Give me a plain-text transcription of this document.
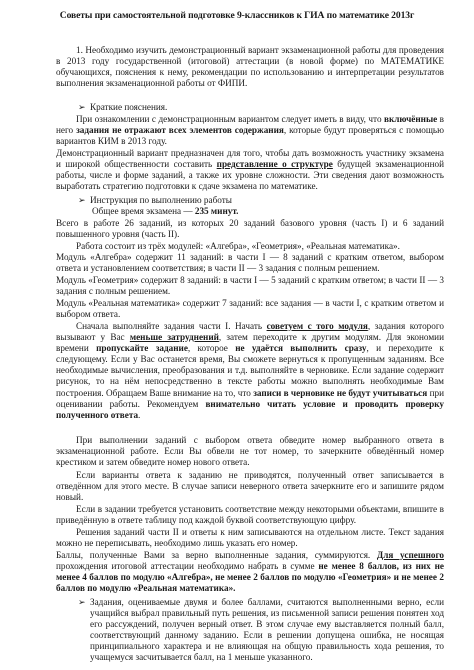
Советы при самостоятельной подготовке 9-классников к ГИА по математике 2013г

1. Необходимо изучить демонстрационный вариант экзаменационной работы для проведения в 2013 году государственной (итоговой) аттестации (в новой форме) по МАТЕМАТИКЕ обучающихся, пояснения к нему, рекомендации по использованию и интерпретации результатов выполнения экзаменационной работы от ФИПИ.

➢ Краткие пояснения.

При ознакомлении с демонстрационным вариантом следует иметь в виду, что включённые в него задания не отражают всех элементов содержания, которые будут проверяться с помощью вариантов КИМ в 2013 году.

Демонстрационный вариант предназначен для того, чтобы дать возможность участнику экзамена и широкой общественности составить представление о структуре будущей экзаменационной работы, числе и форме заданий, а также их уровне сложности. Эти сведения дают возможность выработать стратегию подготовки к сдаче экзамена по математике.

➢ Инструкция по выполнению работы

Общее время экзамена — 235 минут.

Всего в работе 26 заданий, из которых 20 заданий базового уровня (часть I) и 6 заданий повышенного уровня (часть II).

Работа состоит из трёх модулей: «Алгебра», «Геометрия», «Реальная математика».

Модуль «Алгебра» содержит 11 заданий: в части I — 8 заданий с кратким ответом, выбором ответа и установлением соответствия; в части II — 3 задания с полным решением.

Модуль «Геометрия» содержит 8 заданий: в части I — 5 заданий с кратким ответом; в части II — 3 задания с полным решением.

Модуль «Реальная математика» содержит 7 заданий: все задания — в части I, с кратким ответом и выбором ответа.

Сначала выполняйте задания части I. Начать советуем с того модуля, задания которого вызывают у Вас меньше затруднений, затем переходите к другим модулям. Для экономии времени пропускайте задание, которое не удаётся выполнить сразу, и переходите к следующему. Если у Вас останется время, Вы сможете вернуться к пропущенным заданиям. Все необходимые вычисления, преобразования и т.д. выполняйте в черновике. Если задание содержит рисунок, то на нём непосредственно в тексте работы можно выполнять необходимые Вам построения. Обращаем Ваше внимание на то, что записи в черновике не будут учитываться при оценивании работы. Рекомендуем внимательно читать условие и проводить проверку полученного ответа.

При выполнении заданий с выбором ответа обведите номер выбранного ответа в экзаменационной работе. Если Вы обвели не тот номер, то зачеркните обведённый номер крестиком и затем обведите номер нового ответа.

Если варианты ответа к заданию не приводятся, полученный ответ записывается в отведённом для этого месте. В случае записи неверного ответа зачеркните его и запишите рядом новый.

Если в задании требуется установить соответствие между некоторыми объектами, впишите в приведённую в ответе таблицу под каждой буквой соответствующую цифру.

Решения заданий части II и ответы к ним записываются на отдельном листе. Текст задания можно не переписывать, необходимо лишь указать его номер.

Баллы, полученные Вами за верно выполненные задания, суммируются. Для успешного прохождения итоговой аттестации необходимо набрать в сумме не менее 8 баллов, из них не менее 4 баллов по модулю «Алгебра», не менее 2 баллов по модулю «Геометрия» и не менее 2 баллов по модулю «Реальная математика».

➢ Задания, оцениваемые двумя и более баллами, считаются выполненными верно, если учащийся выбрал правильный путь решения, из письменной записи решения понятен ход его рассуждений, получен верный ответ. В этом случае ему выставляется полный балл, соответствующий данному заданию. Если в решении допущена ошибка, не носящая принципиального характера и не влияющая на общую правильность хода решения, то учащемуся засчитывается балл, на 1 меньше указанного.
